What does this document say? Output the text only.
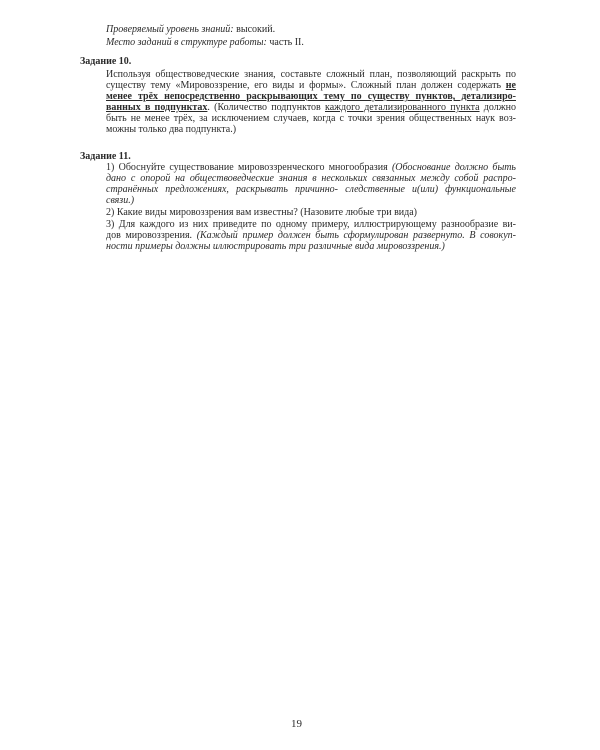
Проверяемый уровень знаний: высокий.
Место заданий в структуре работы: часть II.
Задание 10.
Используя обществоведческие знания, составьте сложный план, позволяющий раскрыть по
существу тему «Мировоззрение, его виды и формы». Сложный план должен содержать не
менее трёх непосредственно раскрывающих тему по существу пунктов, детализиро-
ванных в подпунктах. (Количество подпунктов каждого детализированного пункта должно
быть не менее трёх, за исключением случаев, когда с точки зрения общественных наук воз-
можны только два подпункта.)
Задание 11.
1) Обоснуйте существование мировоззренческого многообразия (Обоснование должно быть
дано с опорой на обществоведческие знания в нескольких связанных между собой распро-
странённых предложениях, раскрывать причинно- следственные и(или) функциональные
связи.)
2) Какие виды мировоззрения вам известны? (Назовите любые три вида)
3) Для каждого из них приведите по одному примеру, иллюстрирующему разнообразие ви-
дов мировоззрения. (Каждый пример должен быть сформулирован развернуто. В совокуп-
ности примеры должны иллюстрировать три различные вида мировоззрения.)
19
